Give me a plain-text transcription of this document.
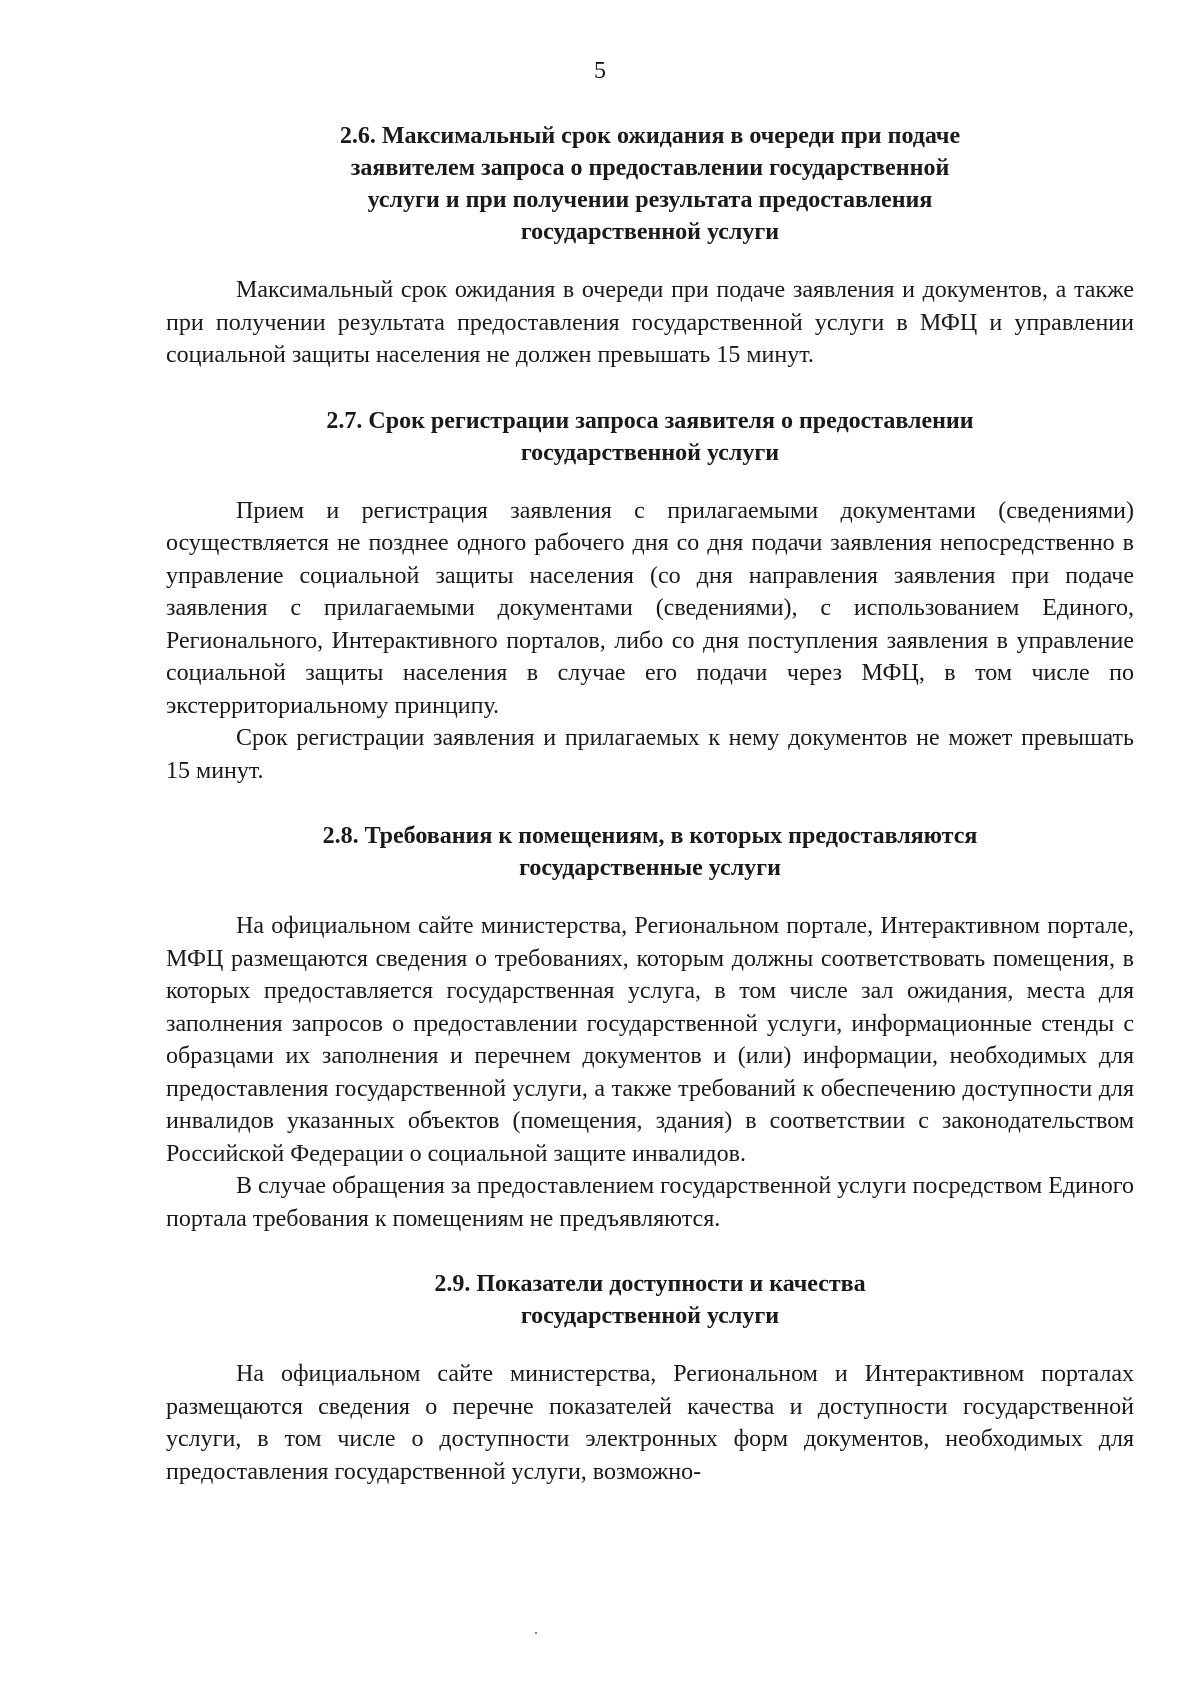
5
2.6. Максимальный срок ожидания в очереди при подаче
заявителем запроса о предоставлении государственной
услуги и при получении результата предоставления
государственной услуги

Максимальный срок ожидания в очереди при подаче заявления и документов, а также при получении результата предоставления государственной услуги в МФЦ и управлении социальной защиты населения не должен превышать 15 минут.

2.7. Срок регистрации запроса заявителя о предоставлении
государственной услуги

Прием и регистрация заявления с прилагаемыми документами (сведениями) осуществляется не позднее одного рабочего дня со дня подачи заявления непосредственно в управление социальной защиты населения (со дня направления заявления при подаче заявления с прилагаемыми документами (сведениями), с использованием Единого, Регионального, Интерактивного порталов, либо со дня поступления заявления в управление социальной защиты населения в случае его подачи через МФЦ, в том числе по экстерриториальному принципу.

Срок регистрации заявления и прилагаемых к нему документов не может превышать 15 минут.

2.8. Требования к помещениям, в которых предоставляются
государственные услуги

На официальном сайте министерства, Региональном портале, Интерактивном портале, МФЦ размещаются сведения о требованиях, которым должны соответствовать помещения, в которых предоставляется государственная услуга, в том числе зал ожидания, места для заполнения запросов о предоставлении государственной услуги, информационные стенды с образцами их заполнения и перечнем документов и (или) информации, необходимых для предоставления государственной услуги, а также требований к обеспечению доступности для инвалидов указанных объектов (помещения, здания) в соответствии с законодательством Российской Федерации о социальной защите инвалидов.

В случае обращения за предоставлением государственной услуги посредством Единого портала требования к помещениям не предъявляются.

2.9. Показатели доступности и качества
государственной услуги

На официальном сайте министерства, Региональном и Интерактивном порталах размещаются сведения о перечне показателей качества и доступности государственной услуги, в том числе о доступности электронных форм документов, необходимых для предоставления государственной услуги, возможно-
